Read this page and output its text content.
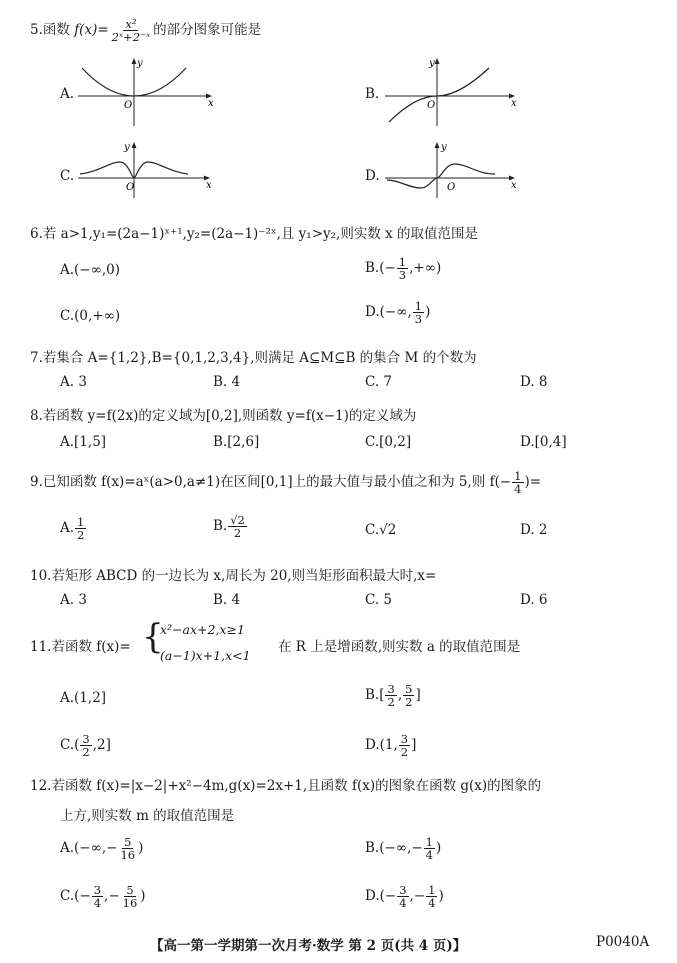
5.函数 $f(x)= \frac{\text{x²}}{\text{2ˣ+2⁻ˣ}}$ 的部分图象可能是
A.
y
x
O
B.
y
x
O
C.
y
x
O
D.
y
x
O
6.若 a>1,y₁=(2a−1)ˣ⁺¹,y₂=(2a−1)⁻²ˣ,且 y₁>y₂,则实数 x 的取值范围是
A.(−∞,0)	$B.(- \frac{1}{3}$ ,+∞)
C.(0,+∞)	D.(−∞, $\frac{1}{3}$ )
7.若集合 A={1,2},B={0,1,2,3,4},则满足 A⊆M⊆B 的集合 M 的个数为
A. 3	B. 4	C. 7	D. 8
8.若函数 y=f(2x)的定义域为[0,2],则函数 y=f(x−1)的定义域为
A.[1,5]	B.[2,6]	C.[0,2]	D.[0,4]
9.已知函数 f(x)=aˣ(a>0,a≠1)在区间[0,1]上的最大值与最小值之和为 5,则 $f(- \frac{1}{4}$ )=
A. $\frac{1}{2}$	B. $\frac{√2}{2}$	C.√2	D. 2
10.若矩形 ABCD 的一边长为 x,周长为 20,则当矩形面积最大时,x=
A. 3	B. 4	C. 5	D. 6
11.若函数 f(x)= {
x²−ax+2,x≥1
(a−1)x+1,x<1
在 R 上是增函数,则实数 a 的取值范围是
A.(1,2]	$B.[ \frac{3}{2}$ , $\frac{5}{2}$ ]
$C.( \frac{3}{2} ,2]$	D.(1, $\frac{3}{2}$ ]
12.若函数 f(x)=|x−2|+x²−4m,g(x)=2x+1,且函数 f(x)的图象在函数 g(x)的图象的
上方,则实数 m 的取值范围是
$A.(-\infty,- \frac{5}{16}$ )	$B.(-\infty,- \frac{1}{4}$ )
$C.(- \frac{3}{4}$ ,− $\frac{5}{16}$ )	$D.(- \frac{3}{4}$ ,− $\frac{1}{4}$ )
【高一第一学期第一次月考·数学 第 2 页(共 4 页)】	P0040A
